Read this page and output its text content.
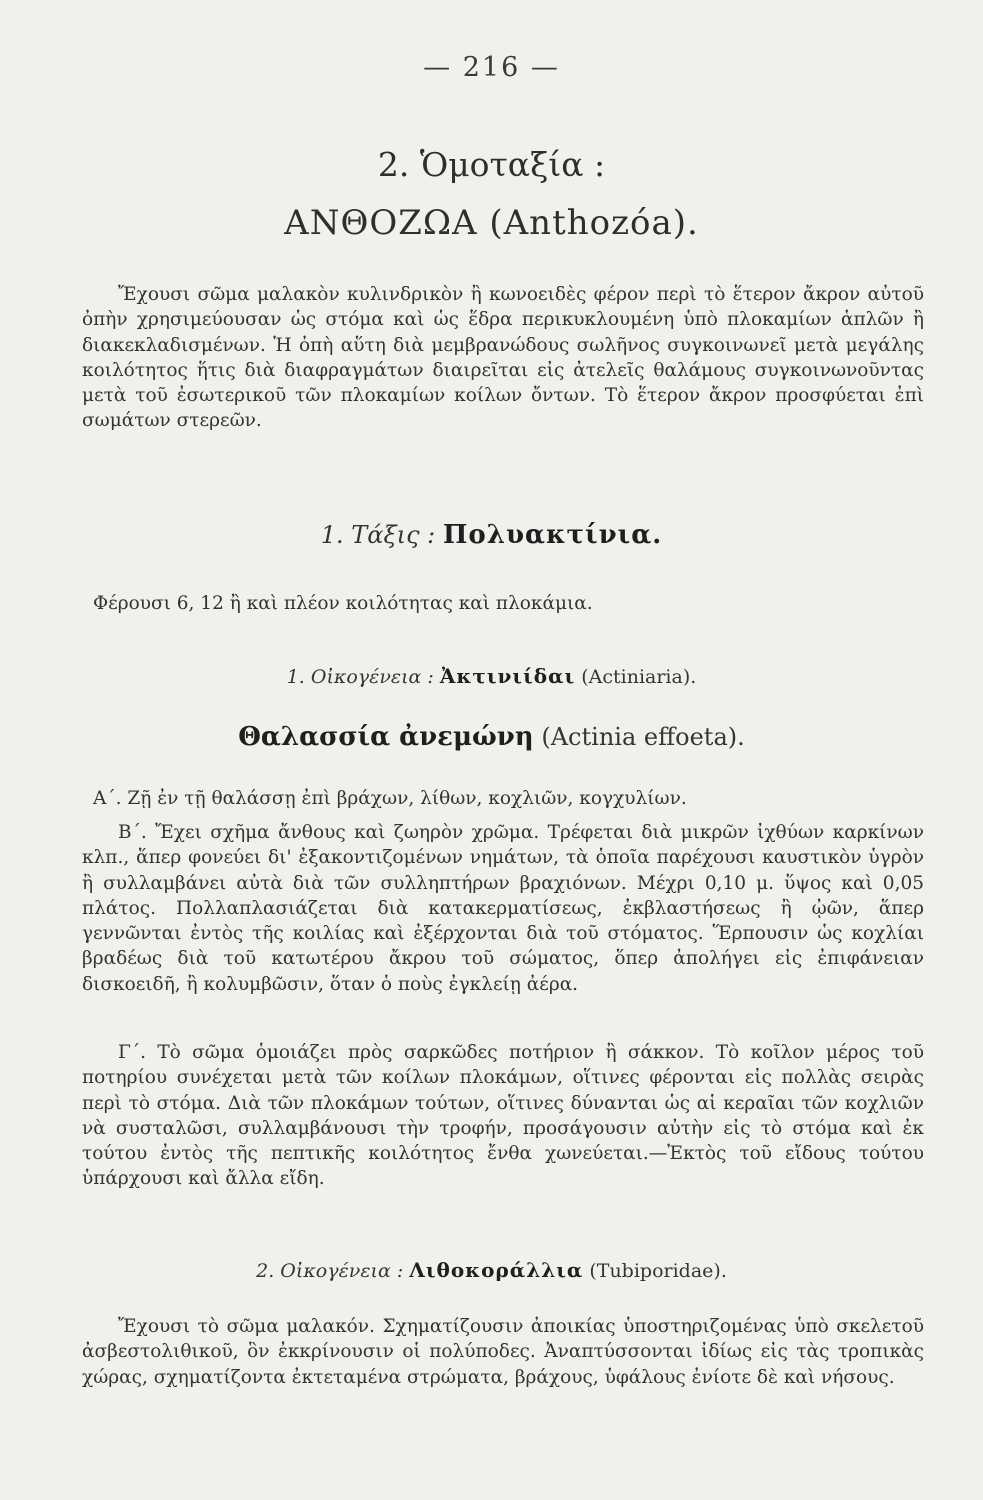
— 216 —
2. Ὁμοταξία :
ΑΝΘΟΖΩΑ (Anthozóa).

Ἔχουσι σῶμα μαλακὸν κυλινδρικὸν ἢ κωνοειδὲς φέρον περὶ τὸ ἕτερον ἄκρον αὐτοῦ ὀπὴν χρησιμεύουσαν ὡς στόμα καὶ ὡς ἕδρα περικυκλουμένη ὑπὸ πλοκαμίων ἁπλῶν ἢ διακεκλαδισμένων. Ἡ ὀπὴ αὕτη διὰ μεμβρανώδους σωλῆνος συγκοινωνεῖ μετὰ μεγάλης κοιλότητος ἥτις διὰ διαφραγμάτων διαιρεῖται εἰς ἀτελεῖς θαλάμους συγκοινωνοῦντας μετὰ τοῦ ἐσωτερικοῦ τῶν πλοκαμίων κοίλων ὄντων. Τὸ ἕτερον ἄκρον προσφύεται ἐπὶ σωμάτων στερεῶν.

1. Τάξις : Πολυακτίνια.
Φέρουσι 6, 12 ἢ καὶ πλέον κοιλότητας καὶ πλοκάμια.
1. Οἰκογένεια : Ἀκτινιίδαι (Actiniaria).
Θαλασσία ἀνεμώνη (Actinia effoeta).
Α΄. Ζῇ ἐν τῇ θαλάσσῃ ἐπὶ βράχων, λίθων, κοχλιῶν, κογχυλίων.

Β΄. Ἔχει σχῆμα ἄνθους καὶ ζωηρὸν χρῶμα. Τρέφεται διὰ μικρῶν ἰχθύων καρκίνων κλπ., ἅπερ φονεύει δι' ἐξακοντιζομένων νημάτων, τὰ ὁποῖα παρέχουσι καυστικὸν ὑγρὸν ἢ συλλαμβάνει αὐτὰ διὰ τῶν συλληπτήρων βραχιόνων. Μέχρι 0,10 μ. ὕψος καὶ 0,05 πλάτος. Πολλαπλασιάζεται διὰ κατακερματίσεως, ἐκβλαστήσεως ἢ ᾠῶν, ἅπερ γεννῶνται ἐντὸς τῆς κοιλίας καὶ ἐξέρχονται διὰ τοῦ στόματος. Ἕρπουσιν ὡς κοχλίαι βραδέως διὰ τοῦ κατωτέρου ἄκρου τοῦ σώματος, ὅπερ ἀπολήγει εἰς ἐπιφάνειαν δισκοειδῆ, ἢ κολυμβῶσιν, ὅταν ὁ ποὺς ἐγκλείῃ ἀέρα.

Γ΄. Τὸ σῶμα ὁμοιάζει πρὸς σαρκῶδες ποτήριον ἢ σάκκον. Τὸ κοῖλον μέρος τοῦ ποτηρίου συνέχεται μετὰ τῶν κοίλων πλοκάμων, οἵτινες φέρονται εἰς πολλὰς σειρὰς περὶ τὸ στόμα. Διὰ τῶν πλοκάμων τούτων, οἵτινες δύνανται ὡς αἱ κεραῖαι τῶν κοχλιῶν νὰ συσταλῶσι, συλλαμβάνουσι τὴν τροφήν, προσάγουσιν αὐτὴν εἰς τὸ στόμα καὶ ἐκ τούτου ἐντὸς τῆς πεπτικῆς κοιλότητος ἔνθα χωνεύεται.—Ἐκτὸς τοῦ εἴδους τούτου ὑπάρχουσι καὶ ἄλλα εἴδη.

2. Οἰκογένεια : Λιθοκοράλλια (Tubiporidae).

Ἔχουσι τὸ σῶμα μαλακόν. Σχηματίζουσιν ἀποικίας ὑποστηριζομένας ὑπὸ σκελετοῦ ἀσβεστολιθικοῦ, ὃν ἐκκρίνουσιν οἱ πολύποδες. Ἀναπτύσσονται ἰδίως εἰς τὰς τροπικὰς χώρας, σχηματίζοντα ἐκτεταμένα στρώματα, βράχους, ὑφάλους ἐνίοτε δὲ καὶ νήσους.
